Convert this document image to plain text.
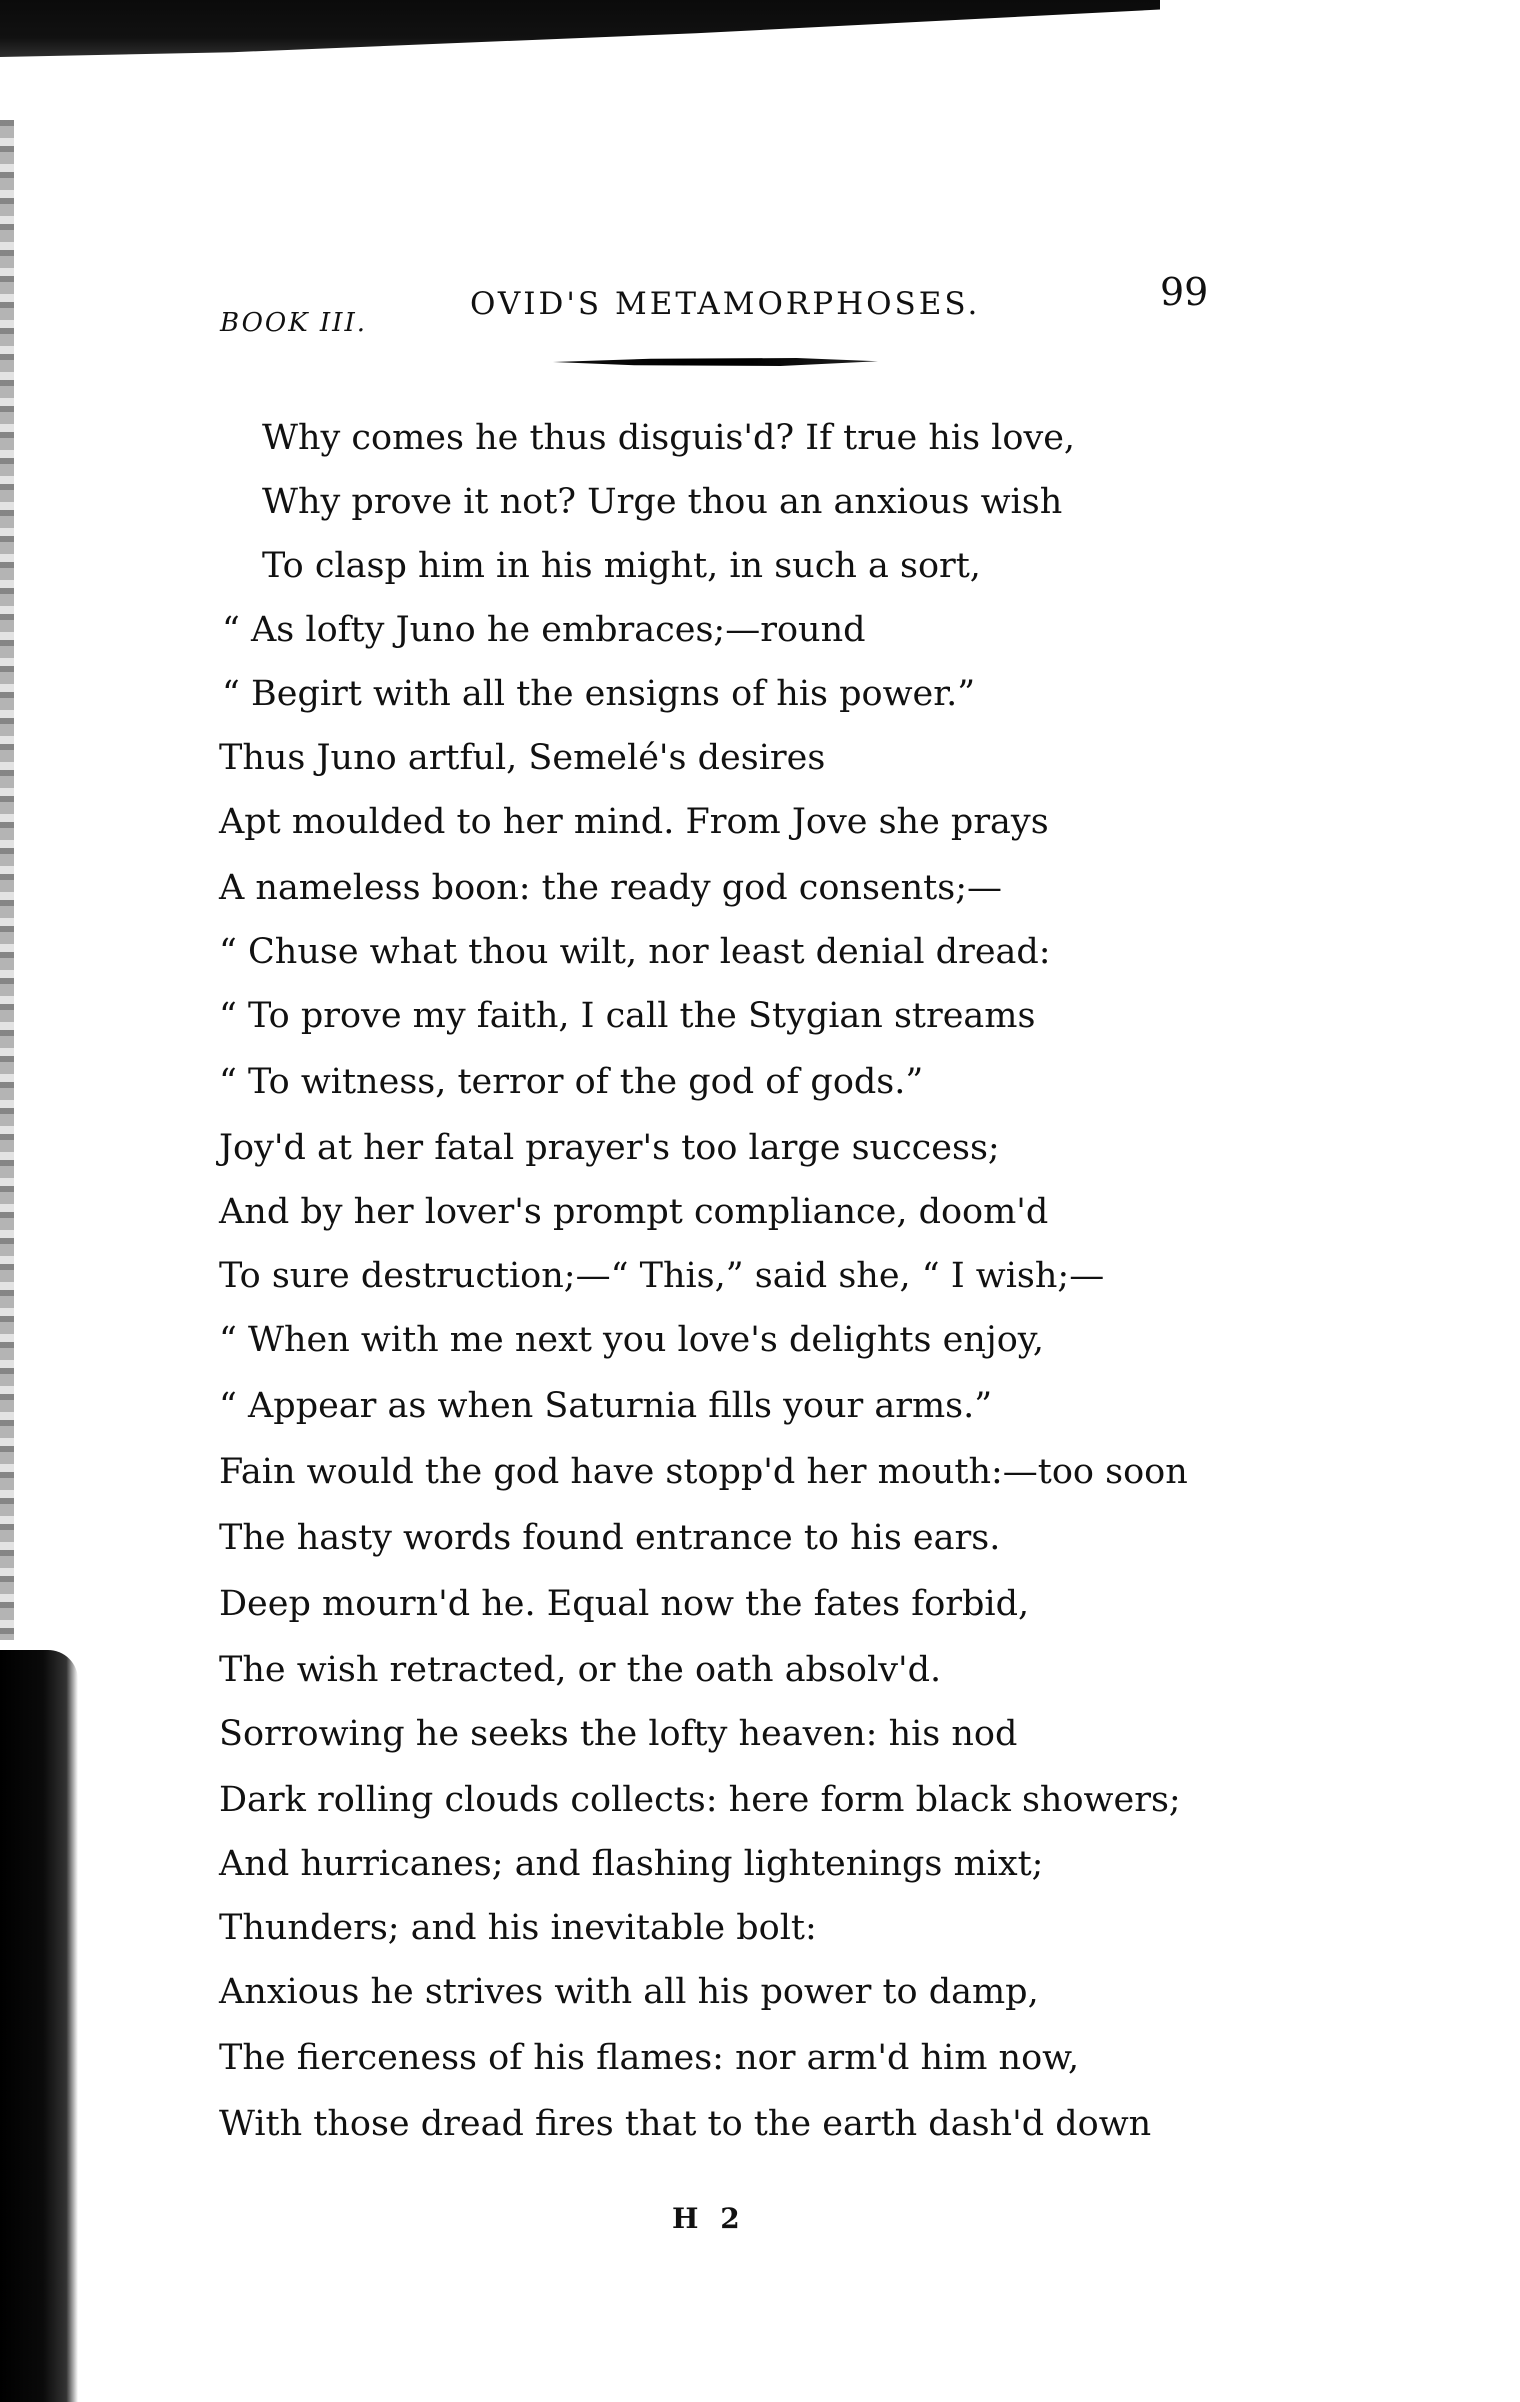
BOOK III.
OVID'S METAMORPHOSES.	99
Why comes he thus disguis'd? If true his love,
Why prove it not? Urge thou an anxious wish
To clasp him in his might, in such a sort,
“ As lofty Juno he embraces;—round
“ Begirt with all the ensigns of his power.”
Thus Juno artful, Semelé's desires
Apt moulded to her mind. From Jove she prays
A nameless boon: the ready god consents;—
“ Chuse what thou wilt, nor least denial dread:
“ To prove my faith, I call the Stygian streams
“ To witness, terror of the god of gods.”
Joy'd at her fatal prayer's too large success;
And by her lover's prompt compliance, doom'd
To sure destruction;—“ This,” said she, “ I wish;—
“ When with me next you love's delights enjoy,
“ Appear as when Saturnia fills your arms.”
Fain would the god have stopp'd her mouth:—too soon
The hasty words found entrance to his ears.
Deep mourn'd he. Equal now the fates forbid,
The wish retracted, or the oath absolv'd.
Sorrowing he seeks the lofty heaven: his nod
Dark rolling clouds collects: here form black showers;
And hurricanes; and flashing lightenings mixt;
Thunders; and his inevitable bolt:
Anxious he strives with all his power to damp,
The fierceness of his flames: nor arm'd him now,
With those dread fires that to the earth dash'd down
H 2
